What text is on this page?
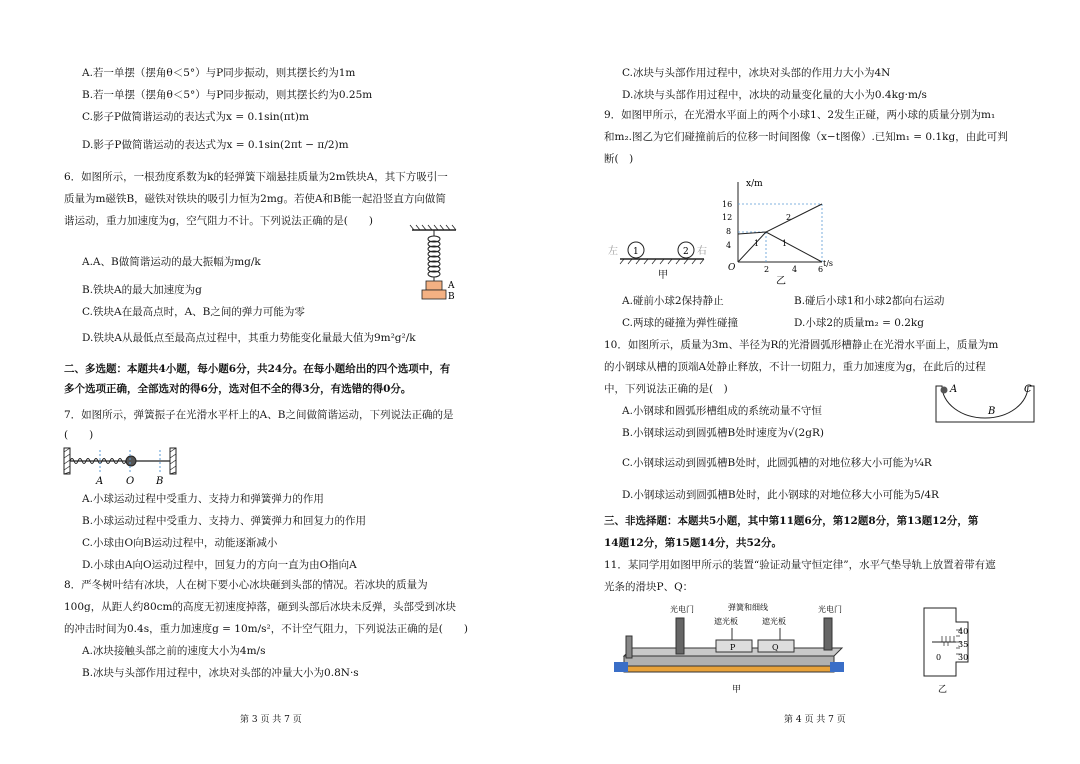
A.若一单摆（摆角θ＜5°）与P同步振动，则其摆长约为1m
B.若一单摆（摆角θ＜5°）与P同步振动，则其摆长约为0.25m
C.影子P做简谐运动的表达式为x = 0.1sin(πt)m
D.影子P做简谐运动的表达式为x = 0.1sin(2πt − π/2)m
6．如图所示，一根劲度系数为k的轻弹簧下端悬挂质量为2m铁块A，其下方吸引一
质量为m磁铁B，磁铁对铁块的吸引力恒为2mg。若使A和B能一起沿竖直方向做简
谐运动，重力加速度为g，空气阻力不计。下列说法正确的是(　　)
A.A、B做简谐运动的最大振幅为mg/k
B.铁块A的最大加速度为g
C.铁块A在最高点时，A、B之间的弹力可能为零
D.铁块A从最低点至最高点过程中，其重力势能变化量最大值为9m²g²/k
A
B
二、多选题：本题共4小题，每小题6分，共24分。在每小题给出的四个选项中，有
多个选项正确，全部选对的得6分，选对但不全的得3分，有选错的得0分。
7．如图所示，弹簧振子在光滑水平杆上的A、B之间做简谐运动，下列说法正确的是
(　　)
A O B
A.小球运动过程中受重力、支持力和弹簧弹力的作用
B.小球运动过程中受重力、支持力、弹簧弹力和回复力的作用
C.小球由O向B运动过程中，动能逐渐减小
D.小球由A向O运动过程中，回复力的方向一直为由O指向A
8．严冬树叶结有冰块，人在树下要小心冰块砸到头部的情况。若冰块的质量为
100g，从距人约80cm的高度无初速度掉落，砸到头部后冰块未反弹，头部受到冰块
的冲击时间为0.4s，重力加速度g = 10m/s²，不计空气阻力，下列说法正确的是(　　)
A.冰块接触头部之前的速度大小为4m/s
B.冰块与头部作用过程中，冰块对头部的冲量大小为0.8N·s
第 3 页 共 7 页
C.冰块与头部作用过程中，冰块对头部的作用力大小为4N
D.冰块与头部作用过程中，冰块的动量变化量的大小为0.4kg·m/s
9．如图甲所示，在光滑水平面上的两个小球1、2发生正碰，两小球的质量分别为m₁
和m₂.图乙为它们碰撞前后的位移一时间图像（x−t图像）.已知m₁ = 0.1kg，由此可判
断(　)
左 1	2 右
甲
x/m
t/s
O
4
8
12
16
2	4	6
2
1	1
乙
A.碰前小球2保持静止	B.碰后小球1和小球2都向右运动
C.两球的碰撞为弹性碰撞	D.小球2的质量m₂ = 0.2kg
10．如图所示，质量为3m、半径为R的光滑圆弧形槽静止在光滑水平面上，质量为m
的小钢球从槽的顶端A处静止释放，不计一切阻力，重力加速度为g，在此后的过程
中，下列说法正确的是(　)
A.小钢球和圆弧形槽组成的系统动量不守恒
B.小钢球运动到圆弧槽B处时速度为√(2gR)
C.小钢球运动到圆弧槽B处时，此圆弧槽的对地位移大小可能为¼R
D.小钢球运动到圆弧槽B处时，此小钢球的对地位移大小可能为5/4R
A
B
C
三、非选择题：本题共5小题，其中第11题6分，第12题8分，第13题12分，第
14题12分，第15题14分，共52分。
11．某同学用如图甲所示的装置“验证动量守恒定律”，水平气垫导轨上放置着带有遮
光条的滑块P、Q：
光电门	弹簧和细线	光电门
遮光板	遮光板
P	Q
甲
40
35
30
0
乙
第 4 页 共 7 页
